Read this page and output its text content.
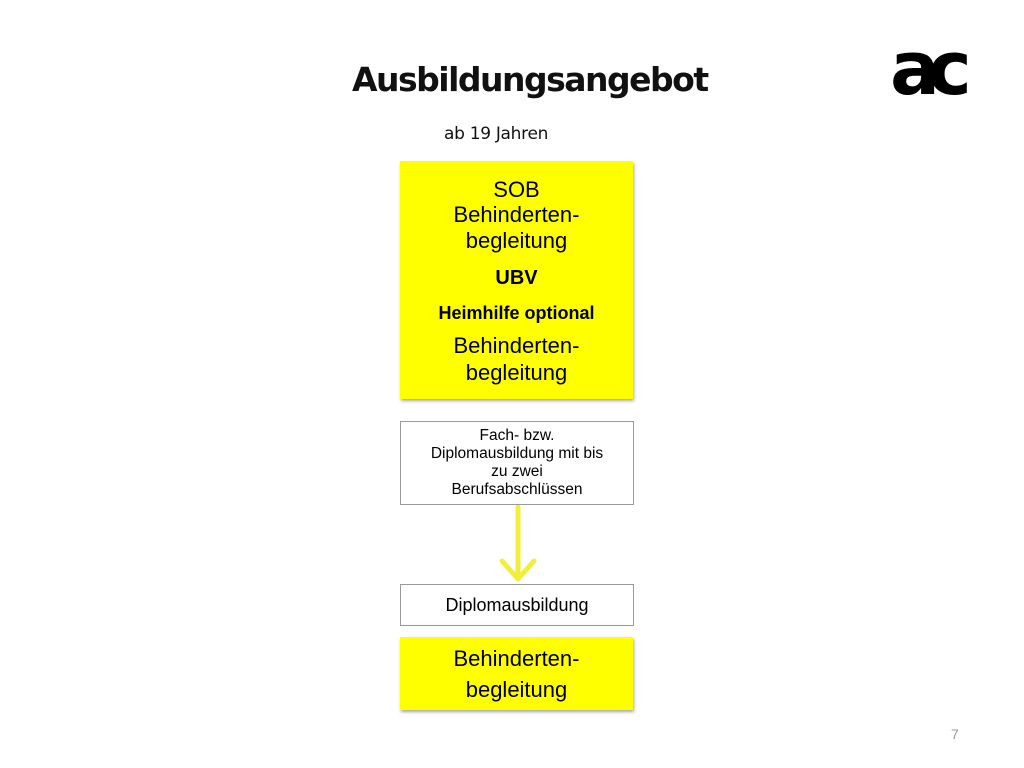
Ausbildungsangebot
ab 19 Jahren
ac
SOB
Behinderten-
begleitung
UBV
Heimhilfe optional
Behinderten-
begleitung
Fach- bzw.
Diplomausbildung mit bis
zu zwei
Berufsabschlüssen
Diplomausbildung
Behinderten-
begleitung
7
